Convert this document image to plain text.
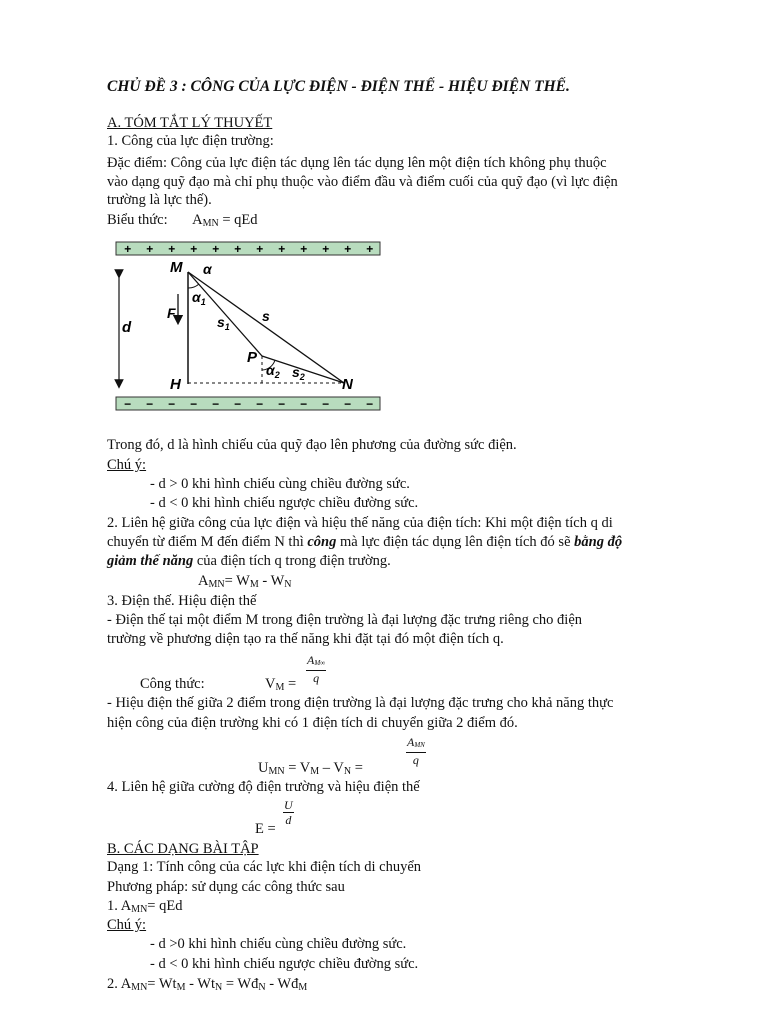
CHỦ ĐỀ 3 : CÔNG CỦA LỰC ĐIỆN - ĐIỆN THẾ - HIỆU ĐIỆN THẾ.
A. TÓM TẮT LÝ THUYẾT
1. Công của lực điện trường:
Đặc điểm: Công của lực điện tác dụng lên tác dụng lên một điện tích không phụ thuộc
vào dạng quỹ đạo mà chỉ phụ thuộc vào điểm đầu và điểm cuối của quỹ đạo (vì lực điện
trường là lực thế).
Biểu thức: $A_{MN}$ = qEd
+ + + + + + + + + + + +
− − − − − − − − − − − −
d
F
M α
$\alpha_1$
$s_1$
s
P
$\alpha_2$ $s_2$
H	N
Trong đó, d là hình chiếu của quỹ đạo lên phương của đường sức điện.
Chú ý:
- d > 0 khi hình chiếu cùng chiều đường sức.
- d < 0 khi hình chiếu ngược chiều đường sức.
2. Liên hệ giữa công của lực điện và hiệu thế năng của điện tích: Khi một điện tích q di
chuyển từ điểm M đến điểm N thì công mà lực điện tác dụng lên điện tích đó sẽ bằng độ
giảm thế năng của điện tích q trong điện trường.
$A_{MN}= W_M - W_N$
3. Điện thế. Hiệu điện thế
- Điện thế tại một điểm M trong điện trường là đại lượng đặc trưng riêng cho điện
trường về phương diện tạo ra thế năng khi đặt tại đó một điện tích q.
Công thức:	$V_M = \frac{A_{M\infty}}{q}$
- Hiệu điện thế giữa 2 điểm trong điện trường là đại lượng đặc trưng cho khả năng thực
hiện công của điện trường khi có 1 điện tích di chuyển giữa 2 điểm đó.
$U_{MN} = V_M - V_N$ =
$A_{MN}$
q
4. Liên hệ giữa cường độ điện trường và hiệu điện thế
E =
$\frac{U}{d}$
B. CÁC DẠNG BÀI TẬP
Dạng 1: Tính công của các lực khi điện tích di chuyển
Phương pháp: sử dụng các công thức sau
1. $A_{MN}=$ qEd
Chú ý:
- d >0 khi hình chiếu cùng chiều đường sức.
- d < 0 khi hình chiếu ngược chiều đường sức.
2. $A_{MN}= Wt_M - Wt_N$ = $Wđ_N$ - $Wđ_M$
